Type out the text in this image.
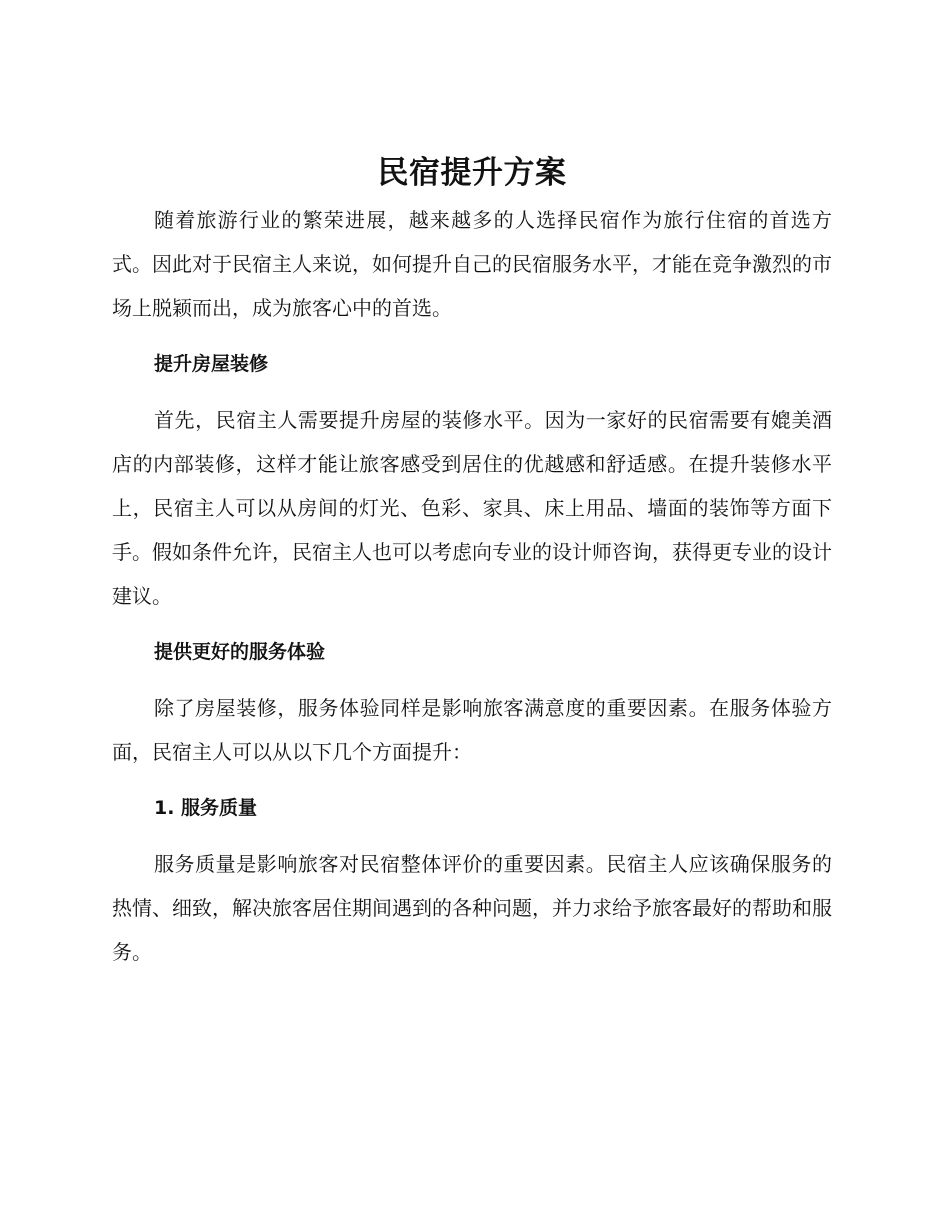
民宿提升方案

随着旅游行业的繁荣进展，越来越多的人选择民宿作为旅行住宿的首选方式。因此对于民宿主人来说，如何提升自己的民宿服务水平，才能在竞争激烈的市场上脱颖而出，成为旅客心中的首选。

提升房屋装修

首先，民宿主人需要提升房屋的装修水平。因为一家好的民宿需要有媲美酒店的内部装修，这样才能让旅客感受到居住的优越感和舒适感。在提升装修水平上，民宿主人可以从房间的灯光、色彩、家具、床上用品、墙面的装饰等方面下手。假如条件允许，民宿主人也可以考虑向专业的设计师咨询，获得更专业的设计建议。

提供更好的服务体验

除了房屋装修，服务体验同样是影响旅客满意度的重要因素。在服务体验方面，民宿主人可以从以下几个方面提升：

1. 服务质量

服务质量是影响旅客对民宿整体评价的重要因素。民宿主人应该确保服务的热情、细致，解决旅客居住期间遇到的各种问题，并力求给予旅客最好的帮助和服务。
